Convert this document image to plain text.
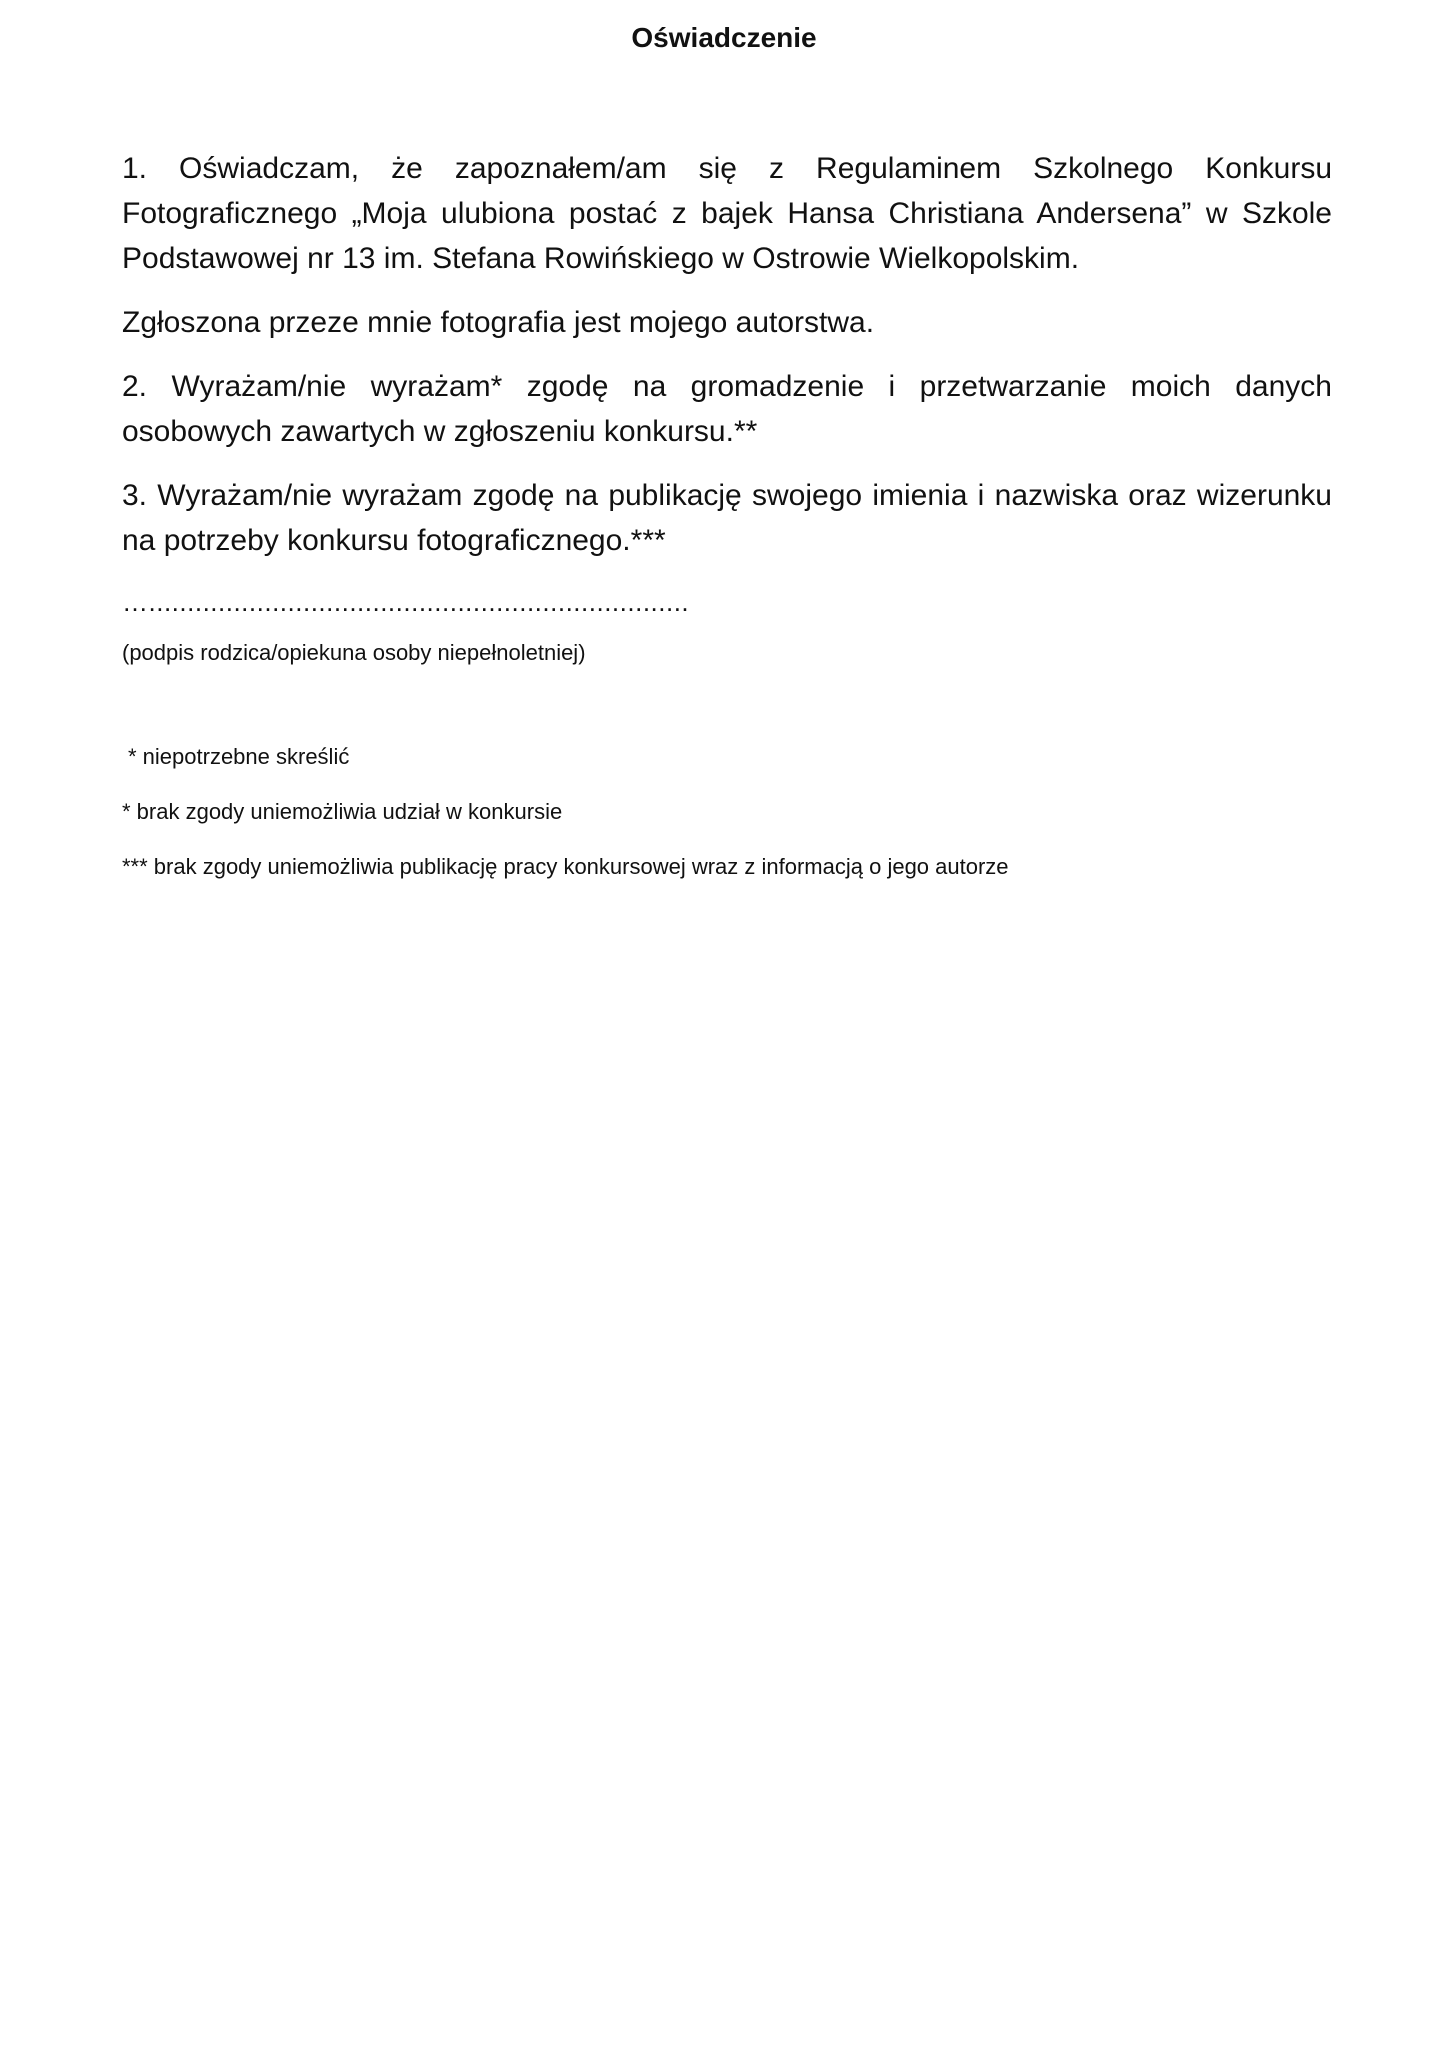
Oświadczenie

1. Oświadczam, że zapoznałem/am się z Regulaminem Szkolnego Konkursu Fotograficznego „Moja ulubiona postać z bajek Hansa Christiana Andersena” w Szkole Podstawowej nr 13 im. Stefana Rowińskiego w Ostrowie Wielkopolskim.

Zgłoszona przeze mnie fotografia jest mojego autorstwa.

2. Wyrażam/nie wyrażam* zgodę na gromadzenie i przetwarzanie moich danych osobowych zawartych w zgłoszeniu konkursu.**

3. Wyrażam/nie wyrażam zgodę na publikację swojego imienia i nazwiska oraz wizerunku na potrzeby konkursu fotograficznego.***

…......................................................................

(podpis rodzica/opiekuna osoby niepełnoletniej)

* niepotrzebne skreślić

* brak zgody uniemożliwia udział w konkursie

*** brak zgody uniemożliwia publikację pracy konkursowej wraz z informacją o jego autorze
